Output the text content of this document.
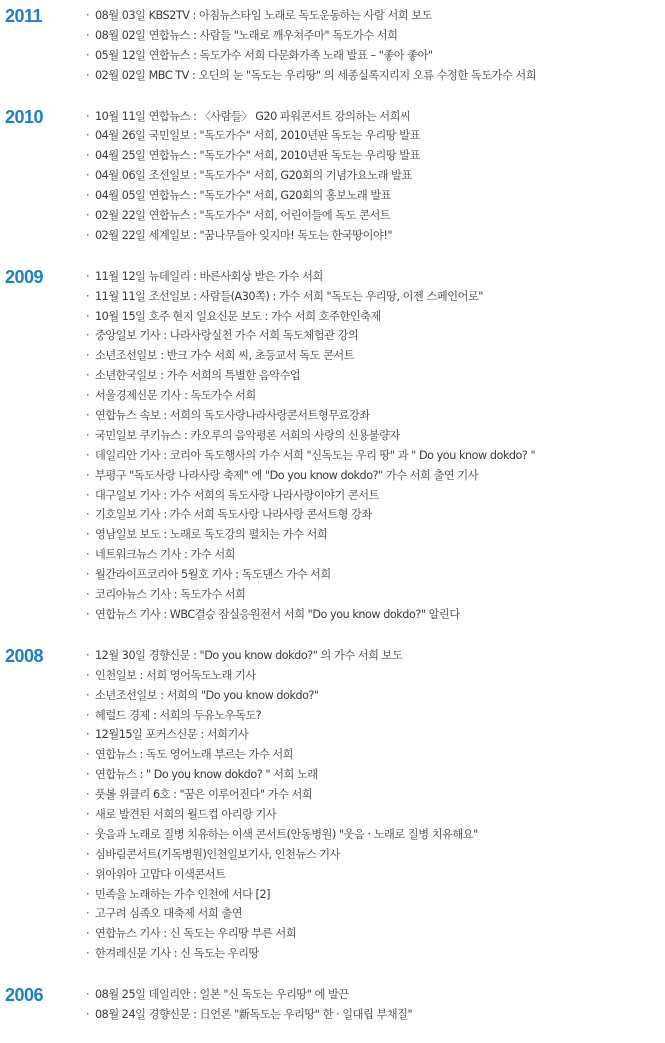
2011	· 08월 03일 KBS2TV : 아침뉴스타임 노래로 독도운동하는 사람 서희 보도
· 08월 02일 연합뉴스 : 사람들 "노래로 깨우쳐주마" 독도가수 서희
· 05월 12일 연합뉴스 : 독도가수 서희 다문화가족 노래 발표 – "좋아 좋아"
· 02월 02일 MBC TV : 오딘의 눈 "독도는 우리땅" 의 세종실록지리지 오류 수정한 독도가수 서희
2010	· 10월 11일 연합뉴스 : 〈사람들〉 G20 파워콘서트 강의하는 서희씨
· 04월 26일 국민일보 : "독도가수" 서희, 2010년판 독도는 우리땅 발표
· 04월 25일 연합뉴스 : "독도가수" 서희, 2010년판 독도는 우리땅 발표
· 04월 06일 조선일보 : "독도가수" 서희, G20회의 기념가요노래 발표
· 04월 05일 연합뉴스 : "독도가수" 서희, G20회의 홍보노래 발표
· 02월 22일 연합뉴스 : "독도가수" 서희, 어린이들에 독도 콘서트
· 02월 22일 세계일보 : "꿈나무들아 잊지마! 독도는 한국땅이야!"
2009	· 11월 12일 뉴데일리 : 바른사회상 받은 가수 서희
· 11월 11일 조선일보 : 사람들(A30쪽) : 가수 서희 "독도는 우리땅, 이젠 스페인어로"
· 10월 15일 호주 현지 일요신문 보도 : 가수 서희 호주한인축제
· 중앙일보 기사 : 나라사랑실천 가수 서희 독도체험관 강의
· 소년조선일보 : 반크 가수 서희 씨, 초등교서 독도 콘서트
· 소년한국일보 : 가수 서희의 특별한 음악수업
· 서울경제신문 기사 : 독도가수 서희
· 연합뉴스 속보 : 서희의 독도사랑나라사랑콘서트형무료강좌
· 국민일보 쿠키뉴스 : 카오루의 음악평론 서희의 사랑의 신용불량자
· 데일리안 기사 : 코리아 독도행사의 가수 서희 "신독도는 우리 땅" 과 " Do you know dokdo? "
· 부평구 "독도사랑 나라사랑 축제" 에 "Do you know dokdo?" 가수 서희 출연 기사
· 대구일보 기사 : 가수 서희의 독도사랑 나라사랑이야기 콘서트
· 기호일보 기사 : 가수 서희 독도사랑 나라사랑 콘서트형 강좌
· 영남일보 보도 : 노래로 독도강의 펼치는 가수 서희
· 네트워크뉴스 기사 : 가수 서희
· 월간라이프코리아 5월호 기사 : 독도댄스 가수 서희
· 코리아뉴스 기사 : 독도가수 서희
· 연합뉴스 기사 : WBC결승 잠실응원전서 서희 "Do you know dokdo?" 알린다
2008	· 12월 30일 경향신문 : "Do you know dokdo?" 의 가수 서희 보도
· 인천일보 : 서희 영어독도노래 기사
· 소년조선일보 : 서희의 "Do you know dokdo?"
· 헤럴드 경제 : 서희의 두유노우독도?
· 12월15일 포커스신문 : 서희기사
· 연합뉴스 : 독도 영어노래 부르는 가수 서희
· 연합뉴스 : " Do you know dokdo? " 서희 노래
· 풋볼 위클리 6호 : "꿈은 이루어진다" 가수 서희
· 새로 발견된 서희의 월드컵 아리랑 기사
· 웃음과 노래로 질병 치유하는 이색 콘서트(안동병원) "웃음 · 노래로 질병 치유해요"
· 심바림콘서트(기독병원)인천일보기사, 인천뉴스 기사
· 위아위아 고맙다 이색콘서트
· 민족을 노래하는 가수 인천에 서다 [2]
· 고구려 심족오 대축제 서희 출연
· 연합뉴스 기사 : 신 독도는 우리땅 부른 서희
· 한겨레신문 기사 : 신 독도는 우리땅
2006	· 08월 25일 데일리안 : 일본 "신 독도는 우리땅" 에 발끈
· 08월 24일 경향신문 : 日언론 "新독도는 우리땅" 한 · 일대립 부채질"
